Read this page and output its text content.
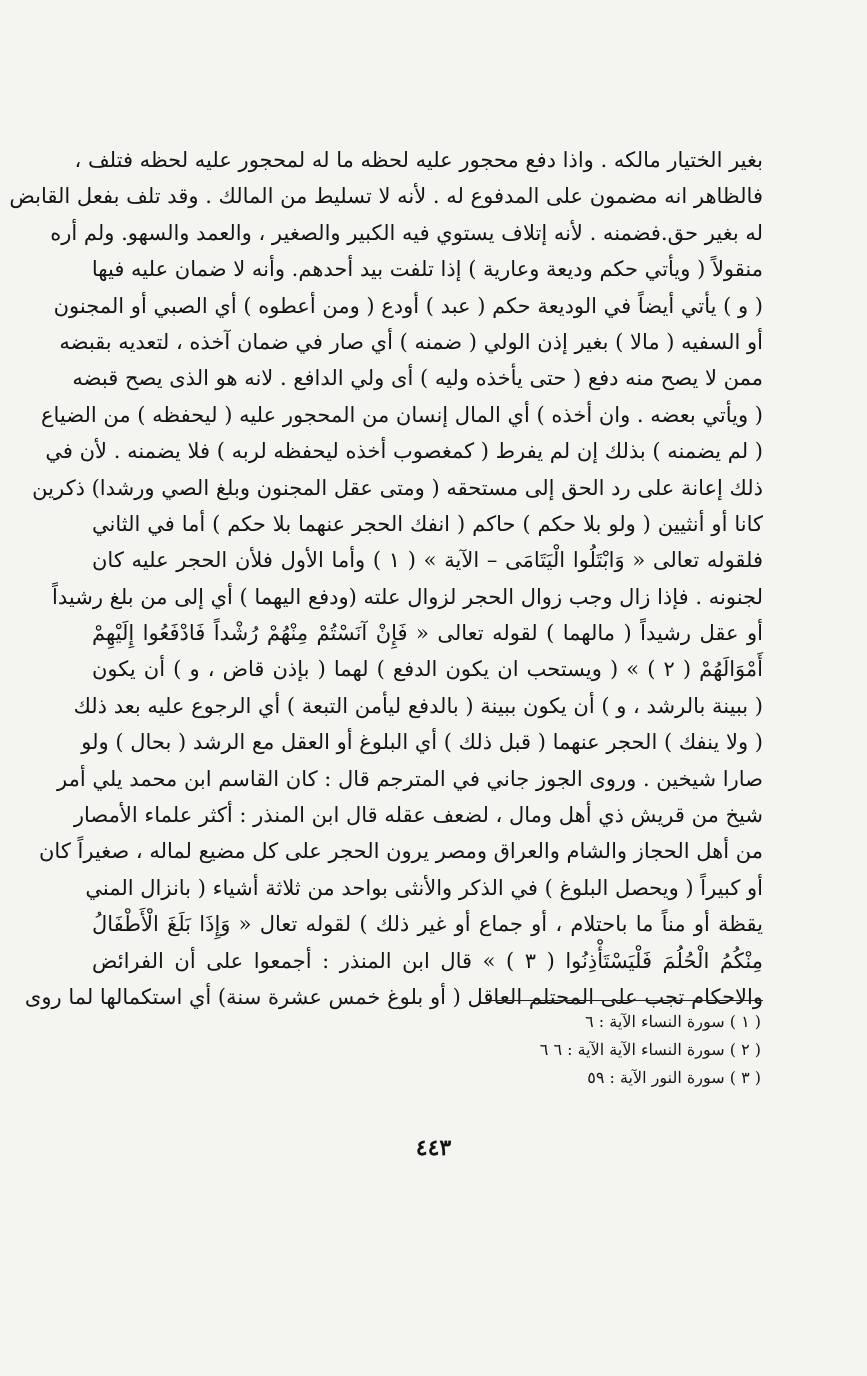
بغير الختيار مالكه . واذا دفع محجور عليه لحظه ما له لمحجور عليه لحظه فتلف ،
فالظاهر انه مضمون على المدفوع له . لأنه لا تسليط من المالك . وقد تلف بفعل القابض
له بغير حق.فضمنه . لأنه إتلاف يستوي فيه الكبير والصغير ، والعمد والسهو. ولم أره
منقولاً ( ويأتي حكم وديعة وعارية ) إذا تلفت بيد أحدهم. وأنه لا ضمان عليه فيها
( و ) يأتي أيضاً في الوديعة حكم ( عبد ) أودع ( ومن أعطوه ) أي الصبي أو المجنون
أو السفيه ( مالا ) بغير إذن الولي ( ضمنه ) أي صار في ضمان آخذه ، لتعديه بقبضه
ممن لا يصح منه دفع ( حتى يأخذه وليه ) أى ولي الدافع . لانه هو الذى يصح قبضه
( ويأتي بعضه . وان أخذه ) أي المال إنسان من المحجور عليه ( ليحفظه ) من الضياع
( لم يضمنه ) بذلك إن لم يفرط ( كمغصوب أخذه ليحفظه لربه ) فلا يضمنه . لأن في
ذلك إعانة على رد الحق إلى مستحقه ( ومتى عقل المجنون وبلغ الصي ورشدا) ذكرين
كانا أو أنثيين ( ولو بلا حكم ) حاكم ( انفك الحجر عنهما بلا حكم ) أما في الثاني
فلقوله تعالى « وَابْتَلُوا الْيَتَامَى – الآية » ( ١ ) وأما الأول فلأن الحجر عليه كان
لجنونه . فإذا زال وجب زوال الحجر لزوال علته (ودفع اليهما ) أي إلى من بلغ رشيداً
أو عقل رشيداً ( مالهما ) لقوله تعالى « فَإِنْ آنَسْتُمْ مِنْهُمْ رُشْداً فَادْفَعُوا إِلَيْهِمْ
أَمْوَالَهُمْ ( ٢ ) » ( ويستحب ان يكون الدفع ) لهما ( بإذن قاض ، و ) أن يكون
( ببينة بالرشد ، و ) أن يكون ببينة ( بالدفع ليأمن التبعة ) أي الرجوع عليه بعد ذلك
( ولا ينفك ) الحجر عنهما ( قبل ذلك ) أي البلوغ أو العقل مع الرشد ( بحال ) ولو
صارا شيخين . وروى الجوز جاني في المترجم قال : كان القاسم ابن محمد يلي أمر
شيخ من قريش ذي أهل ومال ، لضعف عقله قال ابن المنذر : أكثر علماء الأمصار
من أهل الحجاز والشام والعراق ومصر يرون الحجر على كل مضيع لماله ، صغيراً كان
أو كبيراً ( ويحصل البلوغ ) في الذكر والأنثى بواحد من ثلاثة أشياء ( بانزال المني
يقظة أو مناً ما باحتلام ، أو جماع أو غير ذلك ) لقوله تعال « وَإِذَا بَلَغَ الْأَطْفَالُ
مِنْكُمُ الْحُلُمَ فَلْيَسْتَأْذِنُوا ( ٣ ) » قال ابن المنذر : أجمعوا على أن الفرائض
والاحكام تجب على المحتلم العاقل ( أو بلوغ خمس عشرة سنة) أي استكمالها لما روى
( ١ ) سورة النساء الآية : ٦
( ٢ ) سورة النساء الآية الآية : ٦ ٦
( ٣ ) سورة النور الآية : ٥٩
٤٤٣
